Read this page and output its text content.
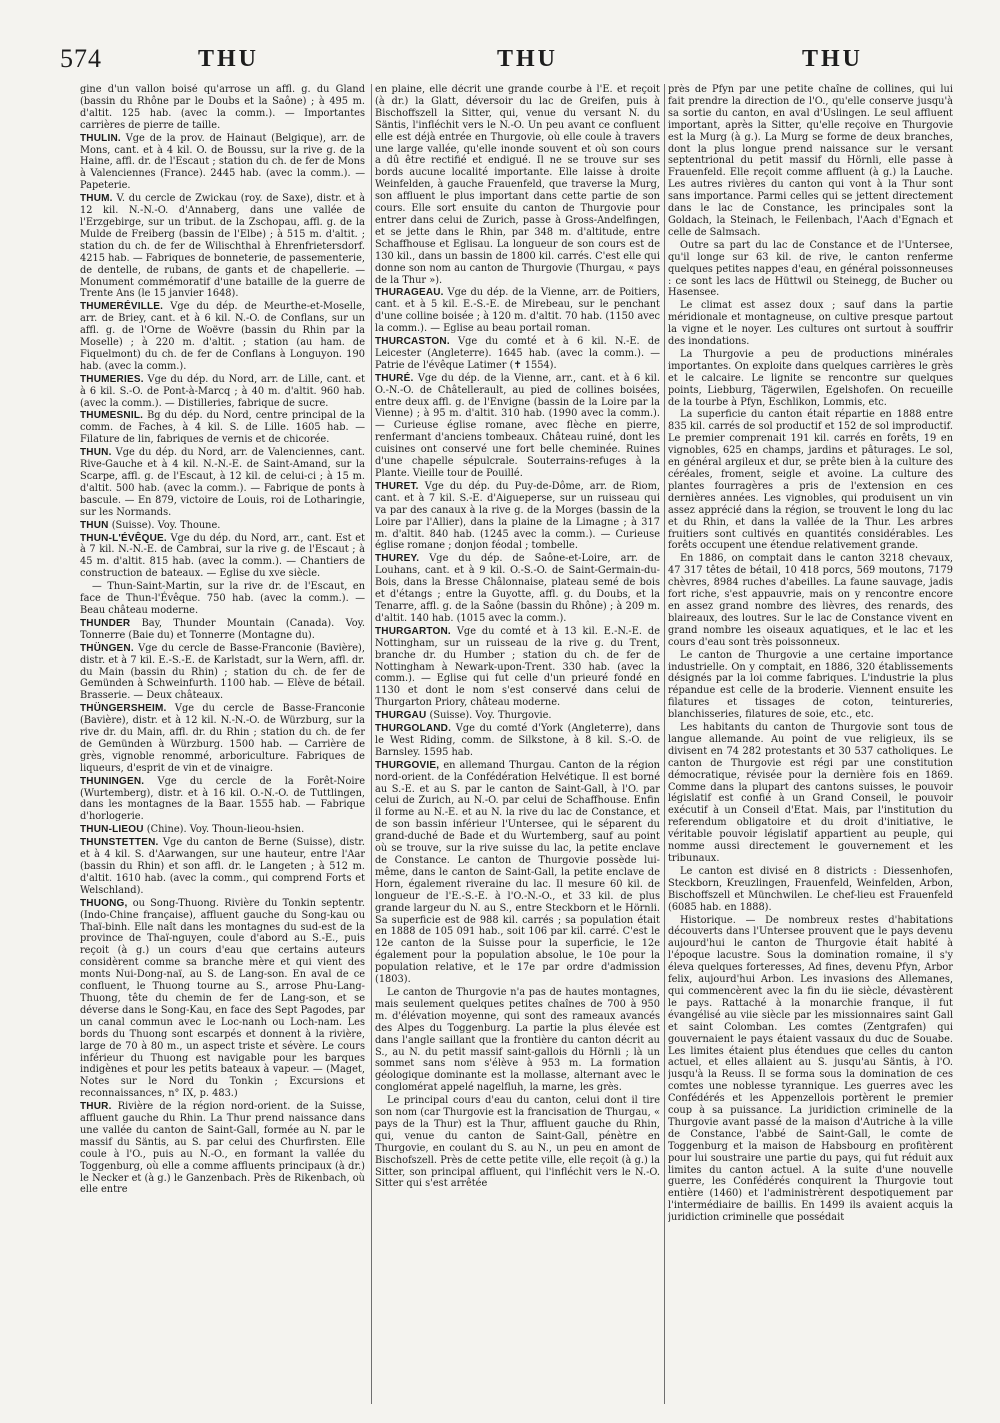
574	THU	THU	THU

gine d'un vallon boisé qu'arrose un affl. g. du Gland (bassin du Rhône par le Doubs et la Saône) ; à 495 m. d'altit. 125 hab. (avec la comm.). — Importantes carrières de pierre de taille.

THULIN. Vge de la prov. de Hainaut (Belgique), arr. de Mons, cant. et à 4 kil. O. de Boussu, sur la rive g. de la Haine, affl. dr. de l'Escaut ; station du ch. de fer de Mons à Valenciennes (France). 2445 hab. (avec la comm.). — Papeterie.

THUM. V. du cercle de Zwickau (roy. de Saxe), distr. et à 12 kil. N.-N.-O. d'Annaberg, dans une vallée de l'Erzgebirge, sur un tribut. de la Zschopau, affl. g. de la Mulde de Freiberg (bassin de l'Elbe) ; à 515 m. d'altit. ; station du ch. de fer de Wilischthal à Ehrenfrietersdorf. 4215 hab. — Fabriques de bonneterie, de passementerie, de dentelle, de rubans, de gants et de chapellerie. — Monument commémoratif d'une bataille de la guerre de Trente Ans (le 15 janvier 1648).

THUMERÉVILLE. Vge du dép. de Meurthe-et-Moselle, arr. de Briey, cant. et à 6 kil. N.-O. de Conflans, sur un affl. g. de l'Orne de Woëvre (bassin du Rhin par la Moselle) ; à 220 m. d'altit. ; station (au ham. de Fiquelmont) du ch. de fer de Conflans à Longuyon. 190 hab. (avec la comm.).

THUMERIES. Vge du dép. du Nord, arr. de Lille, cant. et à 6 kil. S.-O. de Pont-à-Marcq ; à 40 m. d'altit. 960 hab. (avec la comm.). — Distilleries, fabrique de sucre.

THUMESNIL. Bg du dép. du Nord, centre principal de la comm. de Faches, à 4 kil. S. de Lille. 1605 hab. — Filature de lin, fabriques de vernis et de chicorée.

THUN. Vge du dép. du Nord, arr. de Valenciennes, cant. Rive-Gauche et à 4 kil. N.-N.-E. de Saint-Amand, sur la Scarpe, affl. g. de l'Escaut, à 12 kil. de celui-ci ; à 15 m. d'altit. 500 hab. (avec la comm.). — Fabrique de ponts à bascule. — En 879, victoire de Louis, roi de Lotharingie, sur les Normands.

THUN (Suisse). Voy. Thoune.

THUN-L'ÉVÊQUE. Vge du dép. du Nord, arr., cant. Est et à 7 kil. N.-N.-E. de Cambrai, sur la rive g. de l'Escaut ; à 45 m. d'altit. 815 hab. (avec la comm.). — Chantiers de construction de bateaux. — Eglise du xve siècle.

— Thun-Saint-Martin, sur la rive dr. de l'Escaut, en face de Thun-l'Évêque. 750 hab. (avec la comm.). — Beau château moderne.

THUNDER Bay, Thunder Mountain (Canada). Voy. Tonnerre (Baie du) et Tonnerre (Montagne du).

THÜNGEN. Vge du cercle de Basse-Franconie (Bavière), distr. et à 7 kil. E.-S.-E. de Karlstadt, sur la Wern, affl. dr. du Main (bassin du Rhin) ; station du ch. de fer de Gemünden à Schweinfurth. 1100 hab. — Elève de bétail. Brasserie. — Deux châteaux.

THÜNGERSHEIM. Vge du cercle de Basse-Franconie (Bavière), distr. et à 12 kil. N.-N.-O. de Würzburg, sur la rive dr. du Main, affl. dr. du Rhin ; station du ch. de fer de Gemünden à Würzburg. 1500 hab. — Carrière de grès, vignoble renommé, arboriculture. Fabriques de liqueurs, d'esprit de vin et de vinaigre.

THUNINGEN. Vge du cercle de la Forêt-Noire (Wurtemberg), distr. et à 16 kil. O.-N.-O. de Tuttlingen, dans les montagnes de la Baar. 1555 hab. — Fabrique d'horlogerie.

THUN-LIEOU (Chine). Voy. Thoun-lieou-hsien.

THUNSTETTEN. Vge du canton de Berne (Suisse), distr. et à 4 kil. S. d'Aarwangen, sur une hauteur, entre l'Aar (bassin du Rhin) et son affl. dr. le Langeten ; à 512 m. d'altit. 1610 hab. (avec la comm., qui comprend Forts et Welschland).

THUONG, ou Song-Thuong. Rivière du Tonkin septentr. (Indo-Chine française), affluent gauche du Song-kau ou Thaï-binh. Elle naît dans les montagnes du sud-est de la province de Thaï-nguyen, coule d'abord au S.-E., puis reçoit (à g.) un cours d'eau que certains auteurs considèrent comme sa branche mère et qui vient des monts Nui-Dong-naï, au S. de Lang-son. En aval de ce confluent, le Thuong tourne au S., arrose Phu-Lang-Thuong, tête du chemin de fer de Lang-son, et se déverse dans le Song-Kau, en face des Sept Pagodes, par un canal commun avec le Loc-nanh ou Loch-nam. Les bords du Thuong sont escarpés et donnent à la rivière, large de 70 à 80 m., un aspect triste et sévère. Le cours inférieur du Thuong est navigable pour les barques indigènes et pour les petits bateaux à vapeur. — (Maget, Notes sur le Nord du Tonkin ; Excursions et reconnaissances, n° IX, p. 483.)

THUR. Rivière de la région nord-orient. de la Suisse, affluent gauche du Rhin. La Thur prend naissance dans une vallée du canton de Saint-Gall, formée au N. par le massif du Säntis, au S. par celui des Churfirsten. Elle coule à l'O., puis au N.-O., en formant la vallée du Toggenburg, où elle a comme affluents principaux (à dr.) le Necker et (à g.) le Ganzenbach. Près de Rikenbach, où elle entre

en plaine, elle décrit une grande courbe à l'E. et reçoit (à dr.) la Glatt, déversoir du lac de Greifen, puis à Bischoffszell la Sitter, qui, venue du versant N. du Säntis, l'infléchit vers le N.-O. Un peu avant ce confluent elle est déjà entrée en Thurgovie, où elle coule à travers une large vallée, qu'elle inonde souvent et où son cours a dû être rectifié et endigué. Il ne se trouve sur ses bords aucune localité importante. Elle laisse à droite Weinfelden, à gauche Frauenfeld, que traverse la Murg, son affluent le plus important dans cette partie de son cours. Elle sort ensuite du canton de Thurgovie pour entrer dans celui de Zurich, passe à Gross-Andelfingen, et se jette dans le Rhin, par 348 m. d'altitude, entre Schaffhouse et Eglisau. La longueur de son cours est de 130 kil., dans un bassin de 1800 kil. carrés. C'est elle qui donne son nom au canton de Thurgovie (Thurgau, « pays de la Thur »).

THURAGEAU. Vge du dép. de la Vienne, arr. de Poitiers, cant. et à 5 kil. E.-S.-E. de Mirebeau, sur le penchant d'une colline boisée ; à 120 m. d'altit. 70 hab. (1150 avec la comm.). — Eglise au beau portail roman.

THURCASTON. Vge du comté et à 6 kil. N.-E. de Leicester (Angleterre). 1645 hab. (avec la comm.). — Patrie de l'évêque Latimer (✝ 1554).

THURÉ. Vge du dép. de la Vienne, arr., cant. et à 6 kil. O.-N.-O. de Châtellerault, au pied de collines boisées, entre deux affl. g. de l'Envigne (bassin de la Loire par la Vienne) ; à 95 m. d'altit. 310 hab. (1990 avec la comm.). — Curieuse église romane, avec flèche en pierre, renfermant d'anciens tombeaux. Château ruiné, dont les cuisines ont conservé une fort belle cheminée. Ruines d'une chapelle sépulcrale. Souterrains-refuges à la Plante. Vieille tour de Pouillé.

THURET. Vge du dép. du Puy-de-Dôme, arr. de Riom, cant. et à 7 kil. S.-E. d'Aigueperse, sur un ruisseau qui va par des canaux à la rive g. de la Morges (bassin de la Loire par l'Allier), dans la plaine de la Limagne ; à 317 m. d'altit. 840 hab. (1245 avec la comm.). — Curieuse église romane ; donjon féodal ; tombelle.

THUREY. Vge du dép. de Saône-et-Loire, arr. de Louhans, cant. et à 9 kil. O.-S.-O. de Saint-Germain-du-Bois, dans la Bresse Châlonnaise, plateau semé de bois et d'étangs ; entre la Guyotte, affl. g. du Doubs, et la Tenarre, affl. g. de la Saône (bassin du Rhône) ; à 209 m. d'altit. 140 hab. (1015 avec la comm.).

THURGARTON. Vge du comté et à 13 kil. E.-N.-E. de Nottingham, sur un ruisseau de la rive g. du Trent, branche dr. du Humber ; station du ch. de fer de Nottingham à Newark-upon-Trent. 330 hab. (avec la comm.). — Eglise qui fut celle d'un prieuré fondé en 1130 et dont le nom s'est conservé dans celui de Thurgarton Priory, château moderne.

THURGAU (Suisse). Voy. Thurgovie.

THURGOLAND. Vge du comté d'York (Angleterre), dans le West Riding, comm. de Silkstone, à 8 kil. S.-O. de Barnsley. 1595 hab.

THURGOVIE, en allemand Thurgau. Canton de la région nord-orient. de la Confédération Helvétique. Il est borné au S.-E. et au S. par le canton de Saint-Gall, à l'O. par celui de Zurich, au N.-O. par celui de Schaffhouse. Enfin il forme au N.-E. et au N. la rive du lac de Constance, et de son bassin inférieur l'Untersee, qui le séparent du grand-duché de Bade et du Wurtemberg, sauf au point où se trouve, sur la rive suisse du lac, la petite enclave de Constance. Le canton de Thurgovie possède lui-même, dans le canton de Saint-Gall, la petite enclave de Horn, également riveraine du lac. Il mesure 60 kil. de longueur de l'E.-S.-E. à l'O.-N.-O., et 33 kil. de plus grande largeur du N. au S., entre Steckborn et le Hörnli. Sa superficie est de 988 kil. carrés ; sa population était en 1888 de 105 091 hab., soit 106 par kil. carré. C'est le 12e canton de la Suisse pour la superficie, le 12e également pour la population absolue, le 10e pour la population relative, et le 17e par ordre d'admission (1803).

Le canton de Thurgovie n'a pas de hautes montagnes, mais seulement quelques petites chaînes de 700 à 950 m. d'élévation moyenne, qui sont des rameaux avancés des Alpes du Toggenburg. La partie la plus élevée est dans l'angle saillant que la frontière du canton décrit au S., au N. du petit massif saint-gallois du Hörnli ; là un sommet sans nom s'élève à 953 m. La formation géologique dominante est la mollasse, alternant avec le conglomérat appelé nagelfluh, la marne, les grès.

Le principal cours d'eau du canton, celui dont il tire son nom (car Thurgovie est la francisation de Thurgau, « pays de la Thur) est la Thur, affluent gauche du Rhin, qui, venue du canton de Saint-Gall, pénètre en Thurgovie, en coulant du S. au N., un peu en amont de Bischofszell. Près de cette petite ville, elle reçoit (à g.) la Sitter, son principal affluent, qui l'infléchit vers le N.-O. Sitter qui s'est arrêtée

près de Pfyn par une petite chaîne de collines, qui lui fait prendre la direction de l'O., qu'elle conserve jusqu'à sa sortie du canton, en aval d'Uslingen. Le seul affluent important, après la Sitter, qu'elle reçoive en Thurgovie est la Murg (à g.). La Murg se forme de deux branches, dont la plus longue prend naissance sur le versant septentrional du petit massif du Hörnli, elle passe à Frauenfeld. Elle reçoit comme affluent (à g.) la Lauche. Les autres rivières du canton qui vont à la Thur sont sans importance. Parmi celles qui se jettent directement dans le lac de Constance, les principales sont la Goldach, la Steinach, le Feilenbach, l'Aach d'Egnach et celle de Salmsach.

Outre sa part du lac de Constance et de l'Untersee, qu'il longe sur 63 kil. de rive, le canton renferme quelques petites nappes d'eau, en général poissonneuses : ce sont les lacs de Hüttwil ou Steinegg, de Bucher ou Hasensee.

Le climat est assez doux ; sauf dans la partie méridionale et montagneuse, on cultive presque partout la vigne et le noyer. Les cultures ont surtout à souffrir des inondations.

La Thurgovie a peu de productions minérales importantes. On exploite dans quelques carrières le grès et le calcaire. Le lignite se rencontre sur quelques points, Liebburg, Tägerwilen, Egelshofen. On recueille de la tourbe à Pfyn, Eschlikon, Lommis, etc.

La superficie du canton était répartie en 1888 entre 835 kil. carrés de sol productif et 152 de sol improductif. Le premier comprenait 191 kil. carrés en forêts, 19 en vignobles, 625 en champs, jardins et pâturages. Le sol, en général argileux et dur, se prête bien à la culture des céréales, froment, seigle et avoine. La culture des plantes fourragères a pris de l'extension en ces dernières années. Les vignobles, qui produisent un vin assez apprécié dans la région, se trouvent le long du lac et du Rhin, et dans la vallée de la Thur. Les arbres fruitiers sont cultivés en quantités considérables. Les forêts occupent une étendue relativement grande.

En 1886, on comptait dans le canton 3218 chevaux, 47 317 têtes de bétail, 10 418 porcs, 569 moutons, 7179 chèvres, 8984 ruches d'abeilles. La faune sauvage, jadis fort riche, s'est appauvrie, mais on y rencontre encore en assez grand nombre des lièvres, des renards, des blaireaux, des loutres. Sur le lac de Constance vivent en grand nombre les oiseaux aquatiques, et le lac et les cours d'eau sont très poissonneux.

Le canton de Thurgovie a une certaine importance industrielle. On y comptait, en 1886, 320 établissements désignés par la loi comme fabriques. L'industrie la plus répandue est celle de la broderie. Viennent ensuite les filatures et tissages de coton, teintureries, blanchisseries, filatures de soie, etc., etc.

Les habitants du canton de Thurgovie sont tous de langue allemande. Au point de vue religieux, ils se divisent en 74 282 protestants et 30 537 catholiques. Le canton de Thurgovie est régi par une constitution démocratique, révisée pour la dernière fois en 1869. Comme dans la plupart des cantons suisses, le pouvoir législatif est confié à un Grand Conseil, le pouvoir exécutif à un Conseil d'Etat. Mais, par l'institution du referendum obligatoire et du droit d'initiative, le véritable pouvoir législatif appartient au peuple, qui nomme aussi directement le gouvernement et les tribunaux.

Le canton est divisé en 8 districts : Diessenhofen, Steckborn, Kreuzlingen, Frauenfeld, Weinfelden, Arbon, Bischoffszell et Münchwilen. Le chef-lieu est Frauenfeld (6085 hab. en 1888).

Historique. — De nombreux restes d'habitations découverts dans l'Untersee prouvent que le pays devenu aujourd'hui le canton de Thurgovie était habité à l'époque lacustre. Sous la domination romaine, il s'y éleva quelques forteresses, Ad fines, devenu Pfyn, Arbor felix, aujourd'hui Arbon. Les invasions des Allemanes, qui commencèrent avec la fin du iie siècle, dévastèrent le pays. Rattaché à la monarchie franque, il fut évangélisé au viie siècle par les missionnaires saint Gall et saint Colomban. Les comtes (Zentgrafen) qui gouvernaient le pays étaient vassaux du duc de Souabe. Les limites étaient plus étendues que celles du canton actuel, et elles allaient au S. jusqu'au Säntis, à l'O. jusqu'à la Reuss. Il se forma sous la domination de ces comtes une noblesse tyrannique. Les guerres avec les Confédérés et les Appenzellois portèrent le premier coup à sa puissance. La juridiction criminelle de la Thurgovie avant passé de la maison d'Autriche à la ville de Constance, l'abbé de Saint-Gall, le comte de Toggenburg et la maison de Habsbourg en profitèrent pour lui soustraire une partie du pays, qui fut réduit aux limites du canton actuel. A la suite d'une nouvelle guerre, les Confédérés conquirent la Thurgovie tout entière (1460) et l'administrèrent despotiquement par l'intermédiaire de baillis. En 1499 ils avaient acquis la juridiction criminelle que possédait
